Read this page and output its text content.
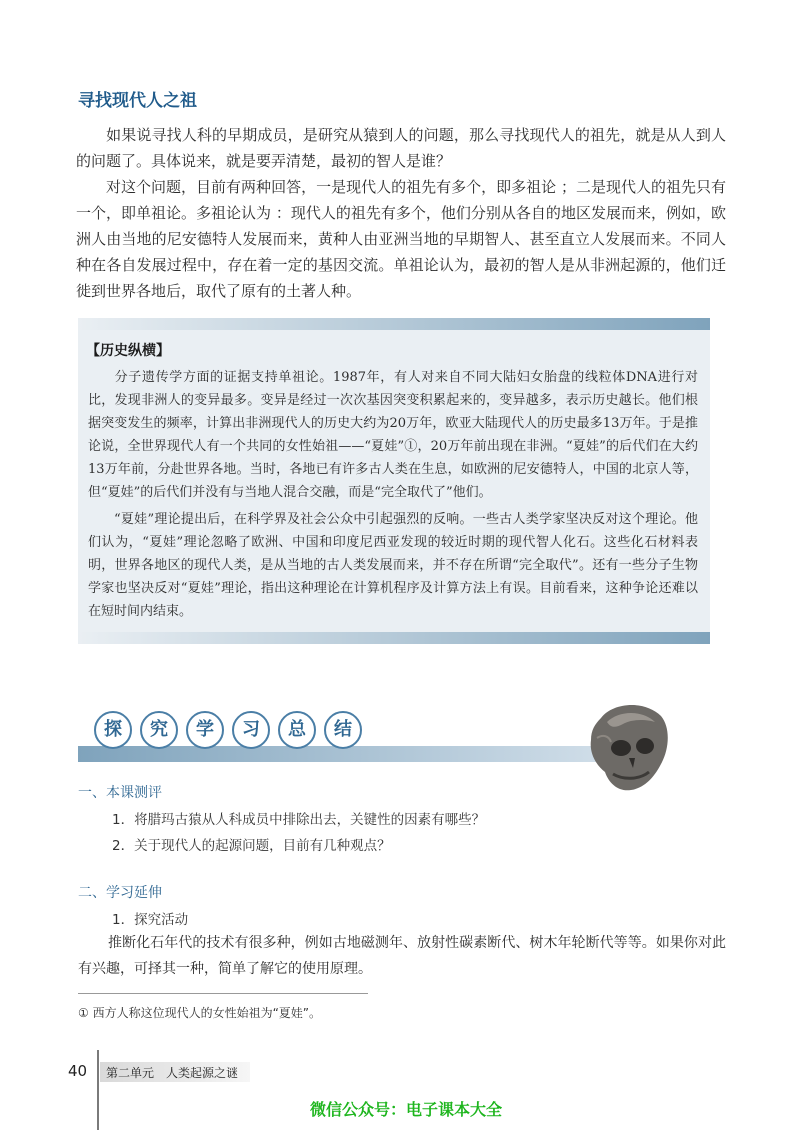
寻找现代人之祖

如果说寻找人科的早期成员，是研究从猿到人的问题，那么寻找现代人的祖先，就是从人到人的问题了。具体说来，就是要弄清楚，最初的智人是谁？

对这个问题，目前有两种回答，一是现代人的祖先有多个，即多祖论 ；二是现代人的祖先只有一个，即单祖论。多祖论认为 ：现代人的祖先有多个，他们分别从各自的地区发展而来，例如，欧洲人由当地的尼安德特人发展而来，黄种人由亚洲当地的早期智人、甚至直立人发展而来。不同人种在各自发展过程中，存在着一定的基因交流。单祖论认为，最初的智人是从非洲起源的，他们迁徙到世界各地后，取代了原有的土著人种。

【历史纵横】

分子遗传学方面的证据支持单祖论。1987年，有人对来自不同大陆妇女胎盘的线粒体DNA进行对比，发现非洲人的变异最多。变异是经过一次次基因突变积累起来的，变异越多，表示历史越长。他们根据突变发生的频率，计算出非洲现代人的历史大约为20万年，欧亚大陆现代人的历史最多13万年。于是推论说，全世界现代人有一个共同的女性始祖——“夏娃”①，20万年前出现在非洲。“夏娃”的后代们在大约13万年前，分赴世界各地。当时，各地已有许多古人类在生息，如欧洲的尼安德特人，中国的北京人等，但“夏娃”的后代们并没有与当地人混合交融，而是“完全取代了”他们。

“夏娃”理论提出后，在科学界及社会公众中引起强烈的反响。一些古人类学家坚决反对这个理论。他们认为，“夏娃”理论忽略了欧洲、中国和印度尼西亚发现的较近时期的现代智人化石。这些化石材料表明，世界各地区的现代人类，是从当地的古人类发展而来，并不存在所谓“完全取代”。还有一些分子生物学家也坚决反对“夏娃”理论，指出这种理论在计算机程序及计算方法上有误。目前看来，这种争论还难以在短时间内结束。

探	究	学	习	总	结
一、本课测评
1．将腊玛古猿从人科成员中排除出去，关键性的因素有哪些？
2．关于现代人的起源问题，目前有几种观点？
二、学习延伸
1．探究活动

推断化石年代的技术有很多种，例如古地磁测年、放射性碳素断代、树木年轮断代等等。如果你对此有兴趣，可择其一种，简单了解它的使用原理。

① 西方人称这位现代人的女性始祖为“夏娃”。
40 第二单元　人类起源之谜
微信公众号：电子课本大全
